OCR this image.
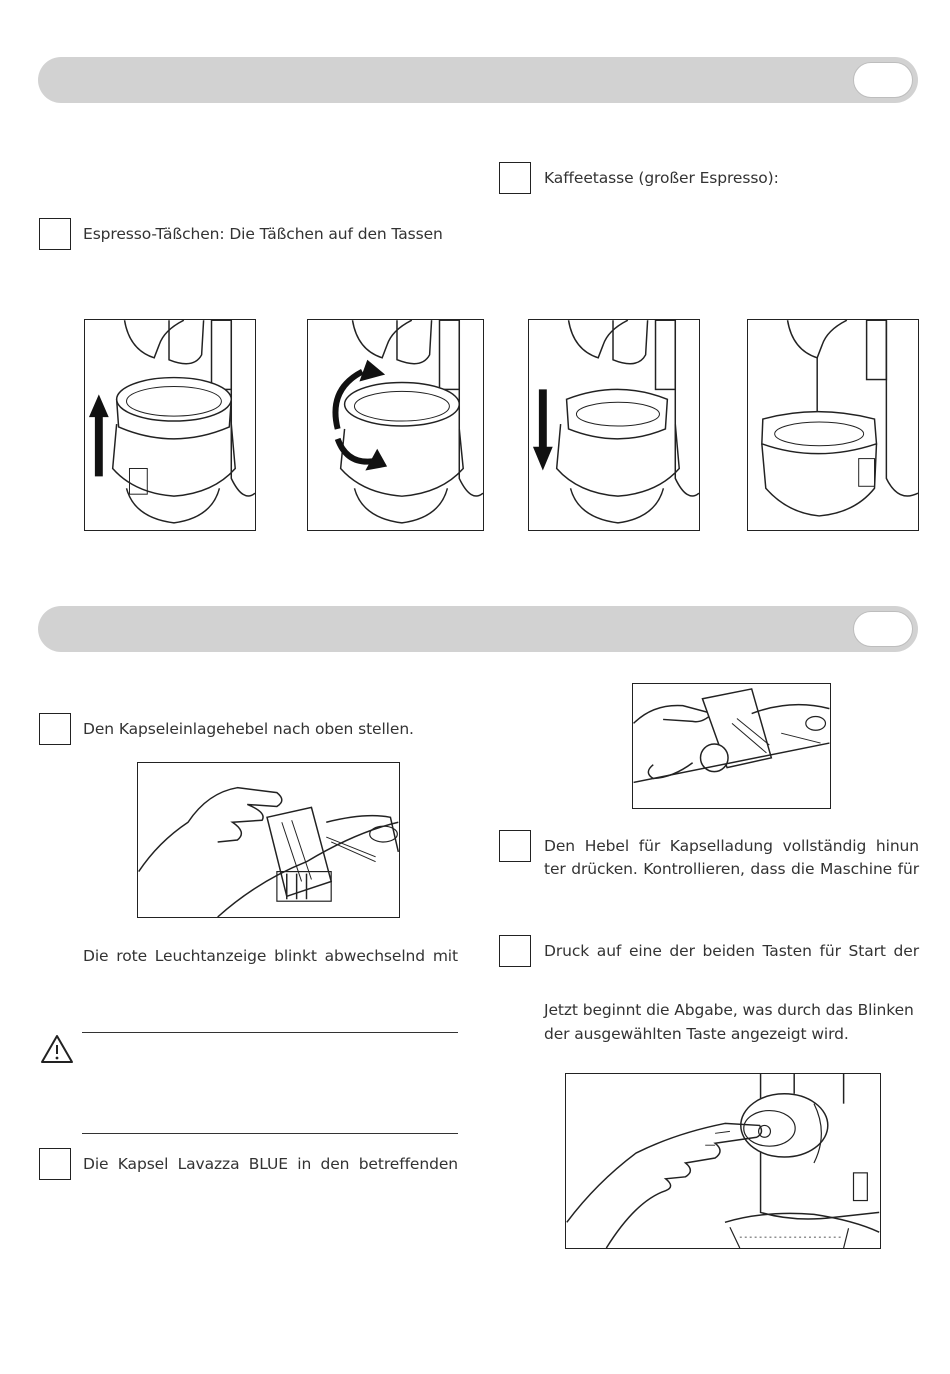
Kaffeetasse (großer Espresso):
Espresso-Täßchen: Die Täßchen auf den Tassen
Den Kapseleinlagehebel nach oben stellen.
Die rote Leuchtanzeige blinkt abwechselnd mit
Die Kapsel Lavazza BLUE in den betreffenden
Den Hebel für Kapselladung vollständig hinun
ter drücken. Kontrollieren, dass die Maschine für
Druck auf eine der beiden Tasten für Start der
Jetzt beginnt die Abgabe, was durch das Blinken
der ausgewählten Taste angezeigt wird.
